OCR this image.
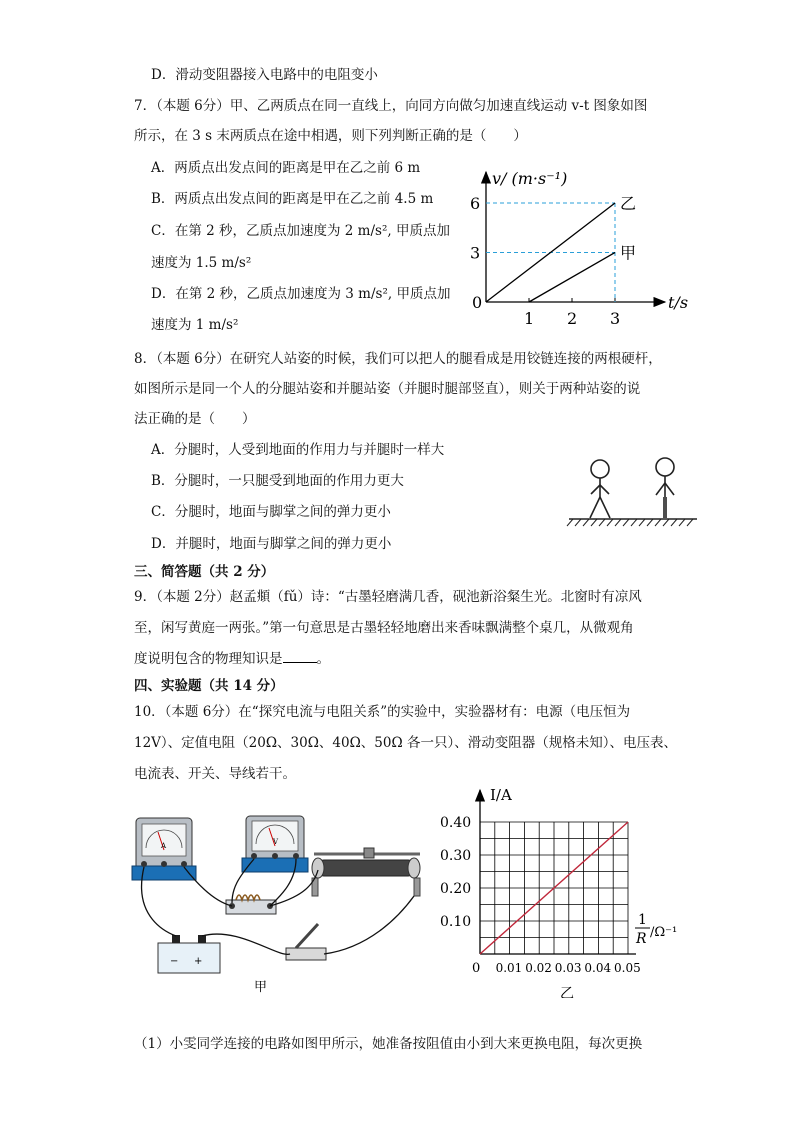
D．滑动变阻器接入电路中的电阻变小
7．（本题 6分）甲、乙两质点在同一直线上，向同方向做匀加速直线运动 v-t 图象如图
所示，在 3 s 末两质点在途中相遇，则下列判断正确的是（　　）
A．两质点出发点间的距离是甲在乙之前 6 m
B．两质点出发点间的距离是甲在乙之前 4.5 m
C．在第 2 秒，乙质点加速度为 2 m/s², 甲质点加
速度为 1.5 m/s²
D．在第 2 秒，乙质点加速度为 3 m/s², 甲质点加
速度为 1 m/s²
0
1 2 3
3
6	乙
甲
v/ (m·s⁻¹)
t/s
8．（本题 6分）在研究人站姿的时候，我们可以把人的腿看成是用铰链连接的两根硬杆，
如图所示是同一个人的分腿站姿和并腿站姿（并腿时腿部竖直），则关于两种站姿的说
法正确的是（　　）
A．分腿时，人受到地面的作用力与并腿时一样大
B．分腿时，一只腿受到地面的作用力更大
C．分腿时，地面与脚掌之间的弹力更小
D．并腿时，地面与脚掌之间的弹力更小
三、简答题（共 2 分）
9．（本题 2分）赵孟頫（fǔ）诗：“古墨轻磨满几香，砚池新浴粲生光。北窗时有凉风
至，闲写黄庭一两张。”第一句意思是古墨轻轻地磨出来香味飘满整个桌几，从微观角
度说明包含的物理知识是	。
四、实验题（共 14 分）
10．（本题 6分）在“探究电流与电阻关系”的实验中，实验器材有：电源（电压恒为
12V）、定值电阻（20Ω、30Ω、40Ω、50Ω 各一只）、滑动变阻器（规格未知）、电压表、
电流表、开关、导线若干。
A	V
− +
甲
0.10
0.20
0.30
0.40
0 0.01 0.02 0.03 0.04 0.05
I/A
1
R /Ω⁻¹
乙
（1）小雯同学连接的电路如图甲所示，她准备按阻值由小到大来更换电阻，每次更换
